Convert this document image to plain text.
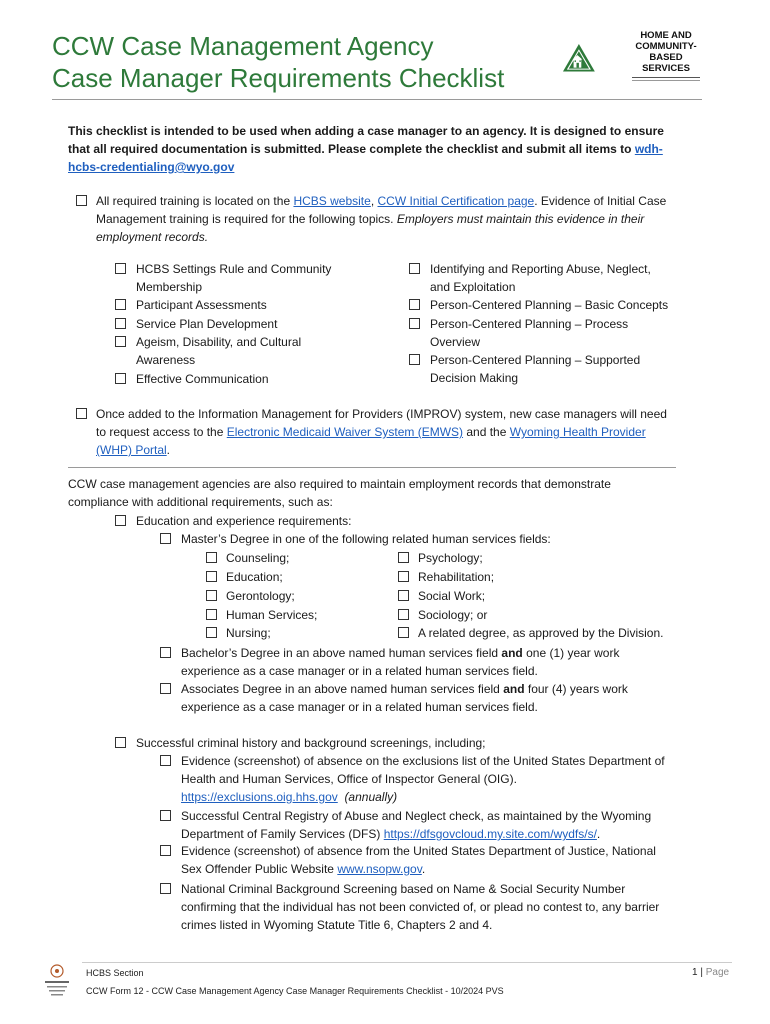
CCW Case Management Agency
Case Manager Requirements Checklist
HOME AND
COMMUNITY-
BASED
SERVICES
This checklist is intended to be used when adding a case manager to an agency. It is designed to ensure that all required documentation is submitted. Please complete the checklist and submit all items to wdh-hcbs-credentialing@wyo.gov
All required training is located on the HCBS website, CCW Initial Certification page. Evidence of Initial Case Management training is required for the following topics. Employers must maintain this evidence in their employment records.
HCBS Settings Rule and Community Membership
Participant Assessments
Service Plan Development
Ageism, Disability, and Cultural Awareness
Effective Communication
Identifying and Reporting Abuse, Neglect, and Exploitation
Person-Centered Planning – Basic Concepts
Person-Centered Planning – Process Overview
Person-Centered Planning – Supported Decision Making
Once added to the Information Management for Providers (IMPROV) system, new case managers will need to request access to the Electronic Medicaid Waiver System (EMWS) and the Wyoming Health Provider (WHP) Portal.
CCW case management agencies are also required to maintain employment records that demonstrate compliance with additional requirements, such as:
Education and experience requirements:
Master’s Degree in one of the following related human services fields:
Counseling;
Education;
Gerontology;
Human Services;
Nursing;
Psychology;
Rehabilitation;
Social Work;
Sociology; or
A related degree, as approved by the Division.
Bachelor’s Degree in an above named human services field and one (1) year work experience as a case manager or in a related human services field.
Associates Degree in an above named human services field and four (4) years work experience as a case manager or in a related human services field.
Successful criminal history and background screenings, including;
Evidence (screenshot) of absence on the exclusions list of the United States Department of Health and Human Services, Office of Inspector General (OIG). https://exclusions.oig.hhs.gov (annually)
Successful Central Registry of Abuse and Neglect check, as maintained by the Wyoming Department of Family Services (DFS) https://dfsgovcloud.my.site.com/wydfs/s/.
Evidence (screenshot) of absence from the United States Department of Justice, National Sex Offender Public Website www.nsopw.gov.
National Criminal Background Screening based on Name & Social Security Number confirming that the individual has not been convicted of, or plead no contest to, any barrier crimes listed in Wyoming Statute Title 6, Chapters 2 and 4.
HCBS Section
CCW Form 12 - CCW Case Management Agency Case Manager Requirements Checklist - 10/2024 PVS
1 | Page
